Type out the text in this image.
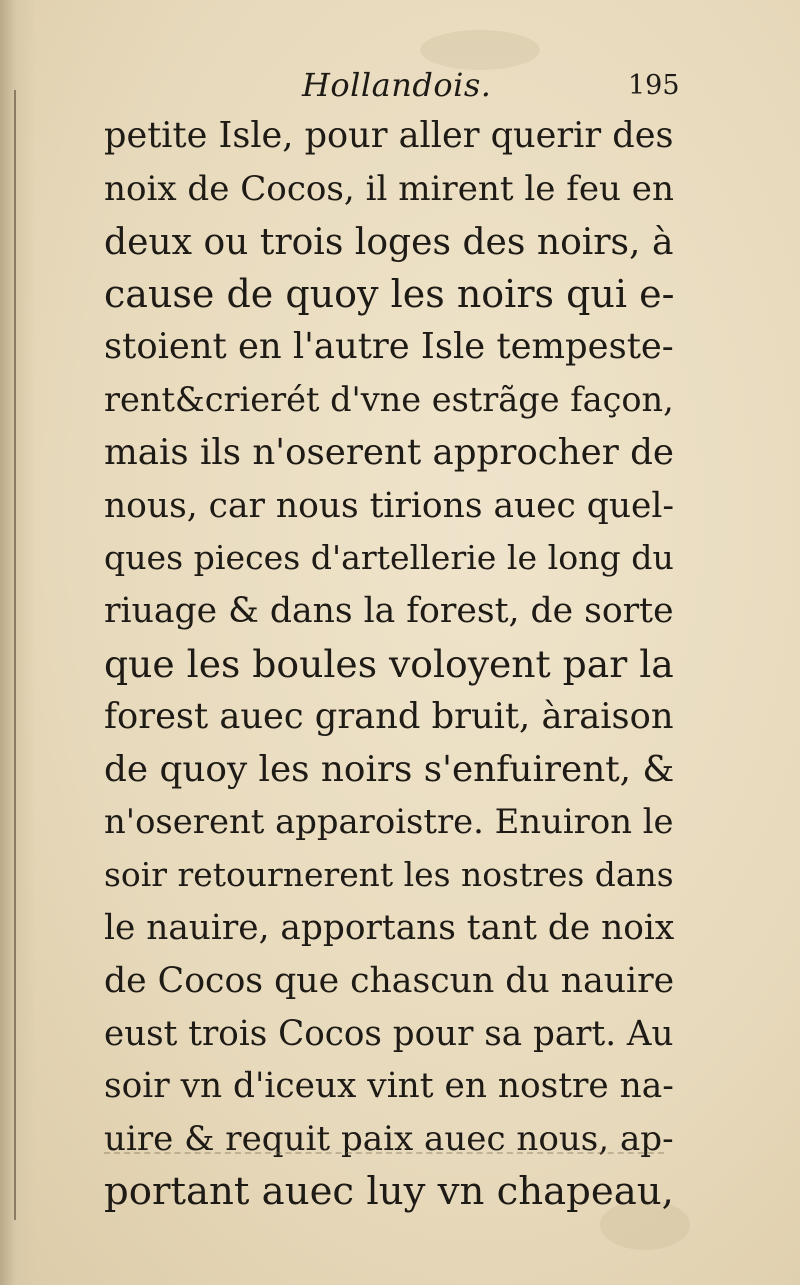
Hollandois.	195
petite Isle, pour aller querir des
noix de Cocos, il mirent le feu en
deux ou trois loges des noirs, à
cause de quoy les noirs qui e-
stoient en l'autre Isle tempeste-
rent&crierét d'vne estrãge façon,
mais ils n'oserent approcher de
nous, car nous tirions auec quel-
ques pieces d'artellerie le long du
riuage & dans la forest, de sorte
que les boules voloyent par la
forest auec grand bruit, àraison
de quoy les noirs s'enfuirent, &
n'oserent apparoistre. Enuiron le
soir retournerent les nostres dans
le nauire, apportans tant de noix
de Cocos que chascun du nauire
eust trois Cocos pour sa part. Au
soir vn d'iceux vint en nostre na-
uire & requit paix auec nous, ap-
portant auec luy vn chapeau,
